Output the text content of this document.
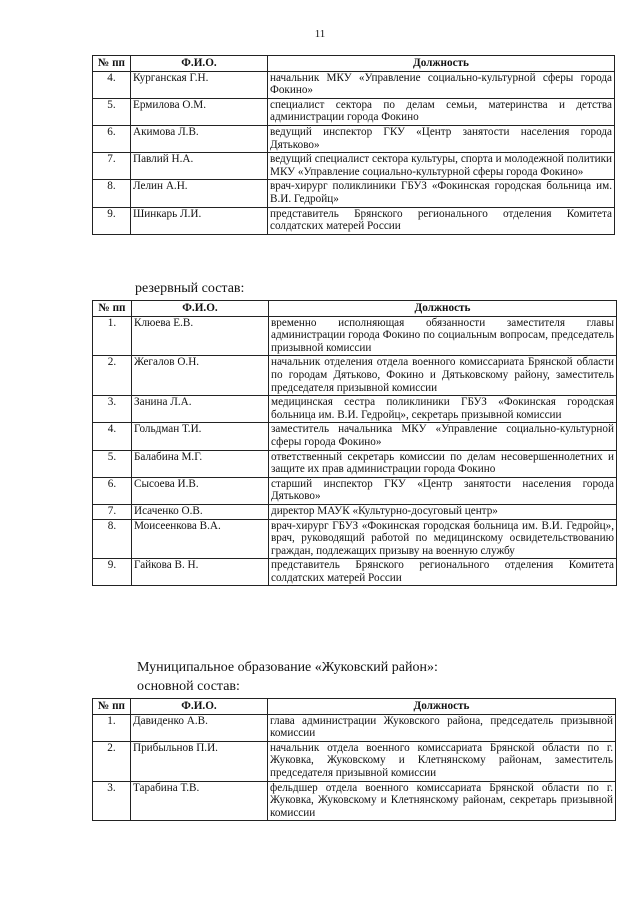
11
№ пп	Ф.И.О.	Должность
4.	Курганская Г.Н.	начальник МКУ «Управление социально-культурной сферы города Фокино»
5.	Ермилова О.М.	специалист сектора по делам семьи, материнства и детства администрации города Фокино
6.	Акимова Л.В.	ведущий инспектор ГКУ «Центр занятости населения города Дятьково»
7.	Павлий Н.А.	ведущий специалист сектора культуры, спорта и молодежной политики МКУ «Управление социально-культурной сферы города Фокино»
8.	Лелин А.Н.	врач-хирург поликлиники ГБУЗ «Фокинская городская больница им. В.И. Гедройц»
9.	Шинкарь Л.И.	представитель Брянского регионального отделения Комитета солдатских матерей России
резервный состав:
№ пп	Ф.И.О.	Должность
1.	Клюева Е.В.	временно исполняющая обязанности заместителя главы администрации города Фокино по социальным вопросам, председатель призывной комиссии
2.	Жегалов О.Н.	начальник отделения отдела военного комиссариата Брянской области по городам Дятьково, Фокино и Дятьковскому району, заместитель председателя призывной комиссии
3.	Занина Л.А.	медицинская сестра поликлиники ГБУЗ «Фокинская городская больница им. В.И. Гедройц», секретарь призывной комиссии
4.	Гольдман Т.И.	заместитель начальника МКУ «Управление социально-культурной сферы города Фокино»
5.	Балабина М.Г.	ответственный секретарь комиссии по делам несовершеннолетних и защите их прав администрации города Фокино
6.	Сысоева И.В.	старший инспектор ГКУ «Центр занятости населения города Дятьково»
7.	Исаченко О.В.	директор МАУК «Культурно-досуговый центр»
8.	Моисеенкова В.А.	врач-хирург ГБУЗ «Фокинская городская больница им. В.И. Гедройц», врач, руководящий работой по медицинскому освидетельствованию граждан, подлежащих призыву на военную службу
9.	Гайкова В. Н.	представитель Брянского регионального отделения Комитета солдатских матерей России
Муниципальное образование «Жуковский район»:
основной состав:
№ пп	Ф.И.О.	Должность
1.	Давиденко А.В.	глава администрации Жуковского района, председатель призывной комиссии
2.	Прибыльнов П.И.	начальник отдела военного комиссариата Брянской области по г. Жуковка, Жуковскому и Клетнянскому районам, заместитель председателя призывной комиссии
3.	Тарабина Т.В.	фельдшер отдела военного комиссариата Брянской области по г. Жуковка, Жуковскому и Клетнянскому районам, секретарь призывной комиссии
